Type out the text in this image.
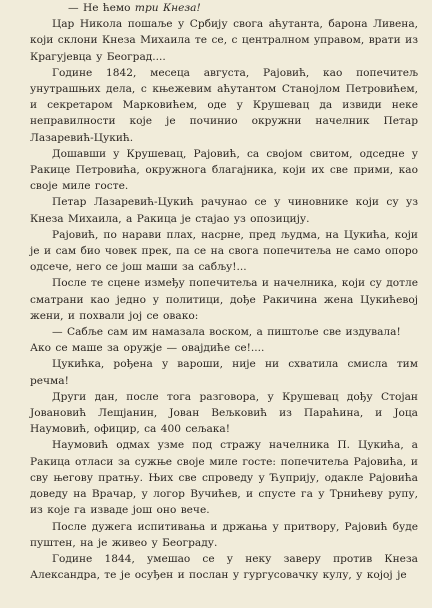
— Не ћемо три Кнеза!

Цар Никола пошаље у Србију свога аћутанта, барона Ливена, који склони Кнеза Михаила те се, с централном управом, врати из Крагујевца у Београд....

Године 1842, месеца августа, Рајовић, као попечитељ унутрашњих дела, с књежевим аћутантом Станојлом Петровићем, и секретаром Марковићем, оде у Крушевац да извиди неке неправилности које је починио окружни начелник Петар Лазаревић-Цукић.

Дошавши у Крушевац, Рајовић, са својом свитом, одседне у Ракице Петровића, окружнога благајника, који их све прими, као своје миле госте.

Петар Лазаревић-Цукић рачунао се у чиновнике који су уз Кнеза Михаила, а Ракица је стајао уз опозицију.

Рајовић, по нарави плах, насрне, пред људма, на Цукића, који је и сам био човек прек, па се на свога попечитеља не само опоро одсече, него се још маши за сабљу!...

После те сцене између попечитеља и начелника, који су дотле сматрани као једно у политици, дође Ракичина жена Цукићевој жени, и похвали јој се овако:

— Сабље сам им намазала воском, а пиштоље све издувала! Ако се маше за оружје — овајдиће се!....

Цукићка, рођена у вароши, није ни схватила смисла тим речма!

Други дан, после тога разговора, у Крушевац дођу Стојан Јовановић Лешјанин, Јован Вељковић из Параћина, и Јоца Наумовић, официр, са 400 сељака!

Наумовић одмах узме под стражу начелника П. Цукића, а Ракица отласи за сужње своје миле госте: попечитеља Рајовића, и сву његову пратњу. Њих све спроведу у Ћуприју, одакле Рајовића доведу на Врачар, у логор Вучићев, и спусте га у Трнићеву рупу, из које га изваде још оно вече.

После дужега испитивања и држања у притвору, Рајовић буде пуштен, на је живео у Београду.

Године 1844, умешао се у неку заверу против Кнеза Александра, те је осуђен и послан у гургусовачку кулу, у којој је
